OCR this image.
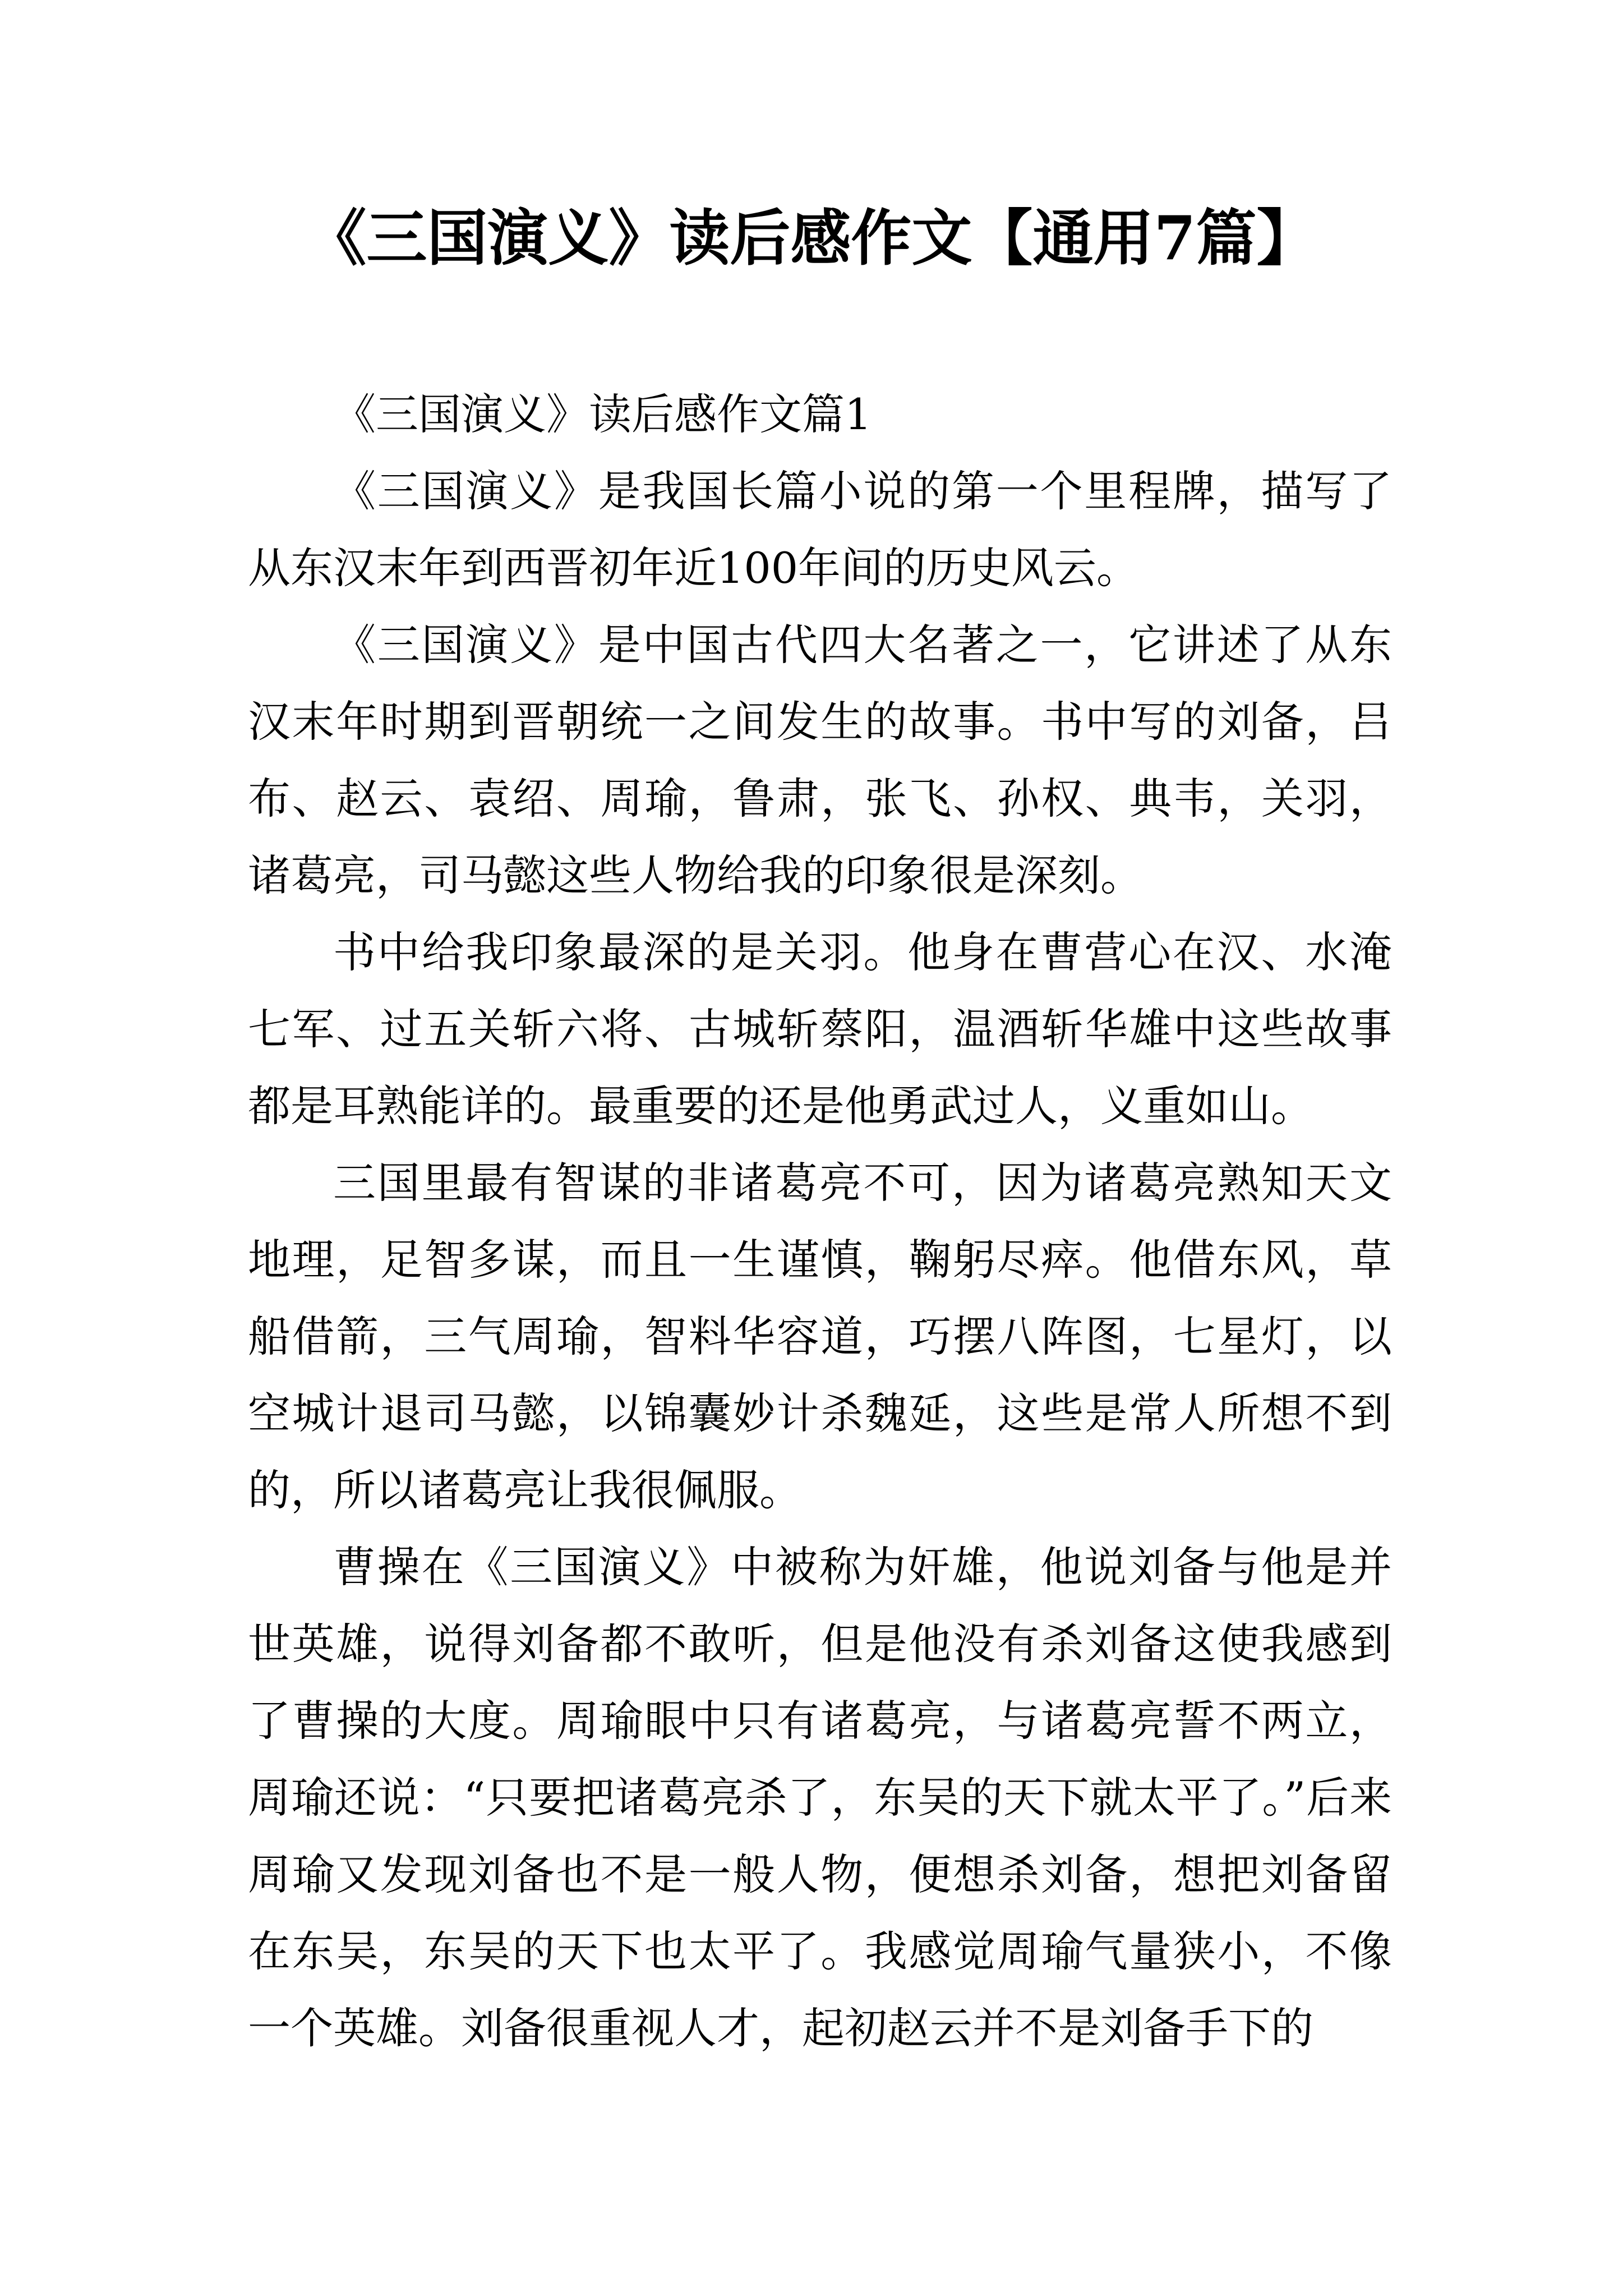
《三国演义》读后感作文【通用7篇】

《三国演义》读后感作文篇1

《三国演义》是我国长篇小说的第一个里程牌，描写了从东汉末年到西晋初年近100年间的历史风云。

《三国演义》是中国古代四大名著之一，它讲述了从东汉末年时期到晋朝统一之间发生的故事。书中写的刘备，吕布、赵云、袁绍、周瑜，鲁肃，张飞、孙权、典韦，关羽，诸葛亮，司马懿这些人物给我的印象很是深刻。

书中给我印象最深的是关羽。他身在曹营心在汉、水淹七军、过五关斩六将、古城斩蔡阳，温酒斩华雄中这些故事都是耳熟能详的。最重要的还是他勇武过人，义重如山。

三国里最有智谋的非诸葛亮不可，因为诸葛亮熟知天文地理，足智多谋，而且一生谨慎，鞠躬尽瘁。他借东风，草船借箭，三气周瑜，智料华容道，巧摆八阵图，七星灯，以空城计退司马懿，以锦囊妙计杀魏延，这些是常人所想不到的，所以诸葛亮让我很佩服。

曹操在《三国演义》中被称为奸雄，他说刘备与他是并世英雄，说得刘备都不敢听，但是他没有杀刘备这使我感到了曹操的大度。周瑜眼中只有诸葛亮，与诸葛亮誓不两立，周瑜还说：“只要把诸葛亮杀了，东吴的天下就太平了。”后来周瑜又发现刘备也不是一般人物，便想杀刘备，想把刘备留在东吴，东吴的天下也太平了。我感觉周瑜气量狭小，不像一个英雄。刘备很重视人才，起初赵云并不是刘备手下的
